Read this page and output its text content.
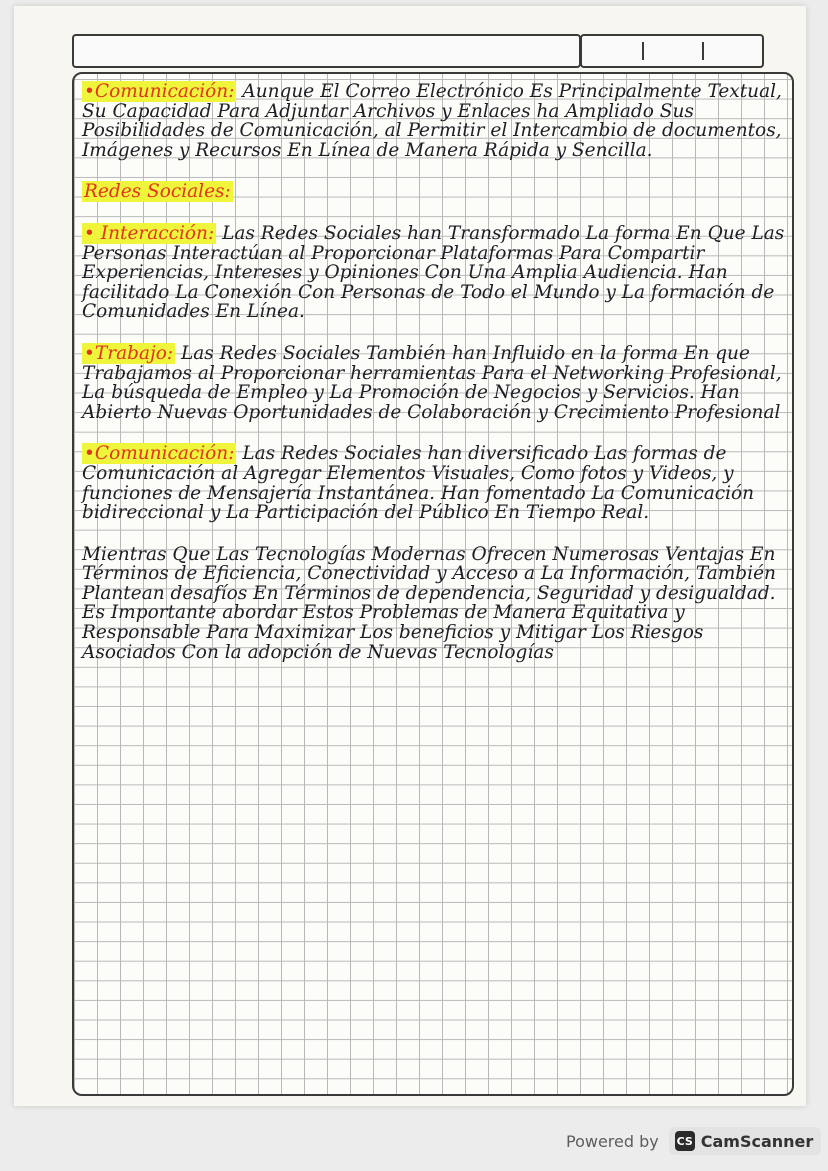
•Comunicación: Aunque El Correo Electrónico Es Principalmente Textual, Su Capacidad Para Adjuntar Archivos y Enlaces ha Ampliado Sus Posibilidades de Comunicación, al Permitir el Intercambio de documentos, Imágenes y Recursos En Línea de Manera Rápida y Sencilla.

Redes Sociales:

• Interacción: Las Redes Sociales han Transformado La forma En Que Las Personas Interactúan al Proporcionar Plataformas Para Compartir Experiencias, Intereses y Opiniones Con Una Amplia Audiencia. Han facilitado La Conexión Con Personas de Todo el Mundo y La formación de Comunidades En Línea.

•Trabajo: Las Redes Sociales También han Influido en la forma En que Trabajamos al Proporcionar herramientas Para el Networking Profesional, La búsqueda de Empleo y La Promoción de Negocios y Servicios. Han Abierto Nuevas Oportunidades de Colaboración y Crecimiento Profesional

•Comunicación: Las Redes Sociales han diversificado Las formas de Comunicación al Agregar Elementos Visuales, Como fotos y Videos, y funciones de Mensajería Instantánea. Han fomentado La Comunicación bidireccional y La Participación del Público En Tiempo Real.

Mientras Que Las Tecnologías Modernas Ofrecen Numerosas Ventajas En Términos de Eficiencia, Conectividad y Acceso a La Información, También Plantean desafíos En Términos de dependencia, Seguridad y desigualdad. Es Importante abordar Estos Problemas de Manera Equitativa y Responsable Para Maximizar Los beneficios y Mitigar Los Riesgos Asociados Con la adopción de Nuevas Tecnologías

Powered by CS CamScanner
